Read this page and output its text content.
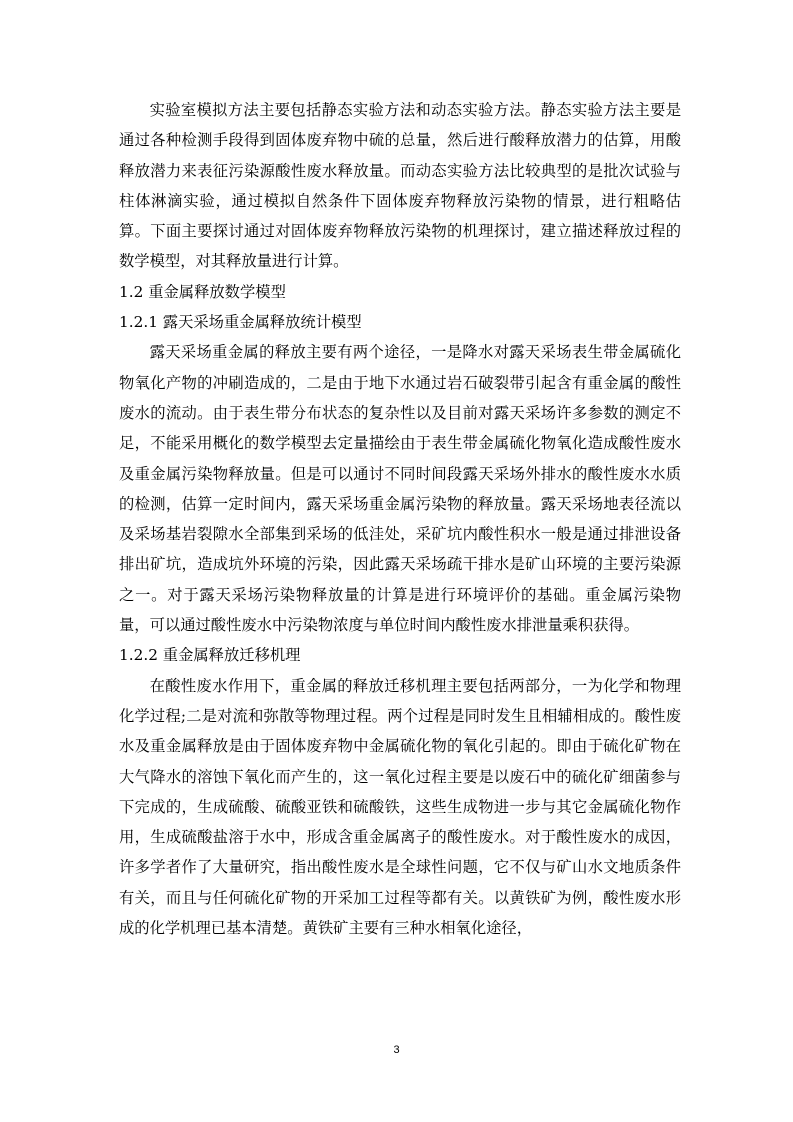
实验室模拟方法主要包括静态实验方法和动态实验方法。静态实验方法主要是通过各种检测手段得到固体废弃物中硫的总量，然后进行酸释放潜力的估算，用酸释放潜力来表征污染源酸性废水释放量。而动态实验方法比较典型的是批次试验与柱体淋滴实验，通过模拟自然条件下固体废弃物释放污染物的情景，进行粗略估算。下面主要探讨通过对固体废弃物释放污染物的机理探讨，建立描述释放过程的数学模型，对其释放量进行计算。

1.2 重金属释放数学模型

1.2.1 露天采场重金属释放统计模型

露天采场重金属的释放主要有两个途径，一是降水对露天采场表生带金属硫化物氧化产物的冲刷造成的，二是由于地下水通过岩石破裂带引起含有重金属的酸性废水的流动。由于表生带分布状态的复杂性以及目前对露天采场许多参数的测定不足，不能采用概化的数学模型去定量描绘由于表生带金属硫化物氧化造成酸性废水及重金属污染物释放量。但是可以通讨不同时间段露天采场外排水的酸性废水水质的检测，估算一定时间内，露天采场重金属污染物的释放量。露天采场地表径流以及采场基岩裂隙水全部集到采场的低洼处，采矿坑内酸性积水一般是通过排泄设备排出矿坑，造成坑外环境的污染，因此露天采场疏干排水是矿山环境的主要污染源之一。对于露天采场污染物释放量的计算是进行环境评价的基础。重金属污染物量，可以通过酸性废水中污染物浓度与单位时间内酸性废水排泄量乘积获得。

1.2.2 重金属释放迁移机理

在酸性废水作用下，重金属的释放迁移机理主要包括两部分，一为化学和物理化学过程;二是对流和弥散等物理过程。两个过程是同时发生且相辅相成的。酸性废水及重金属释放是由于固体废弃物中金属硫化物的氧化引起的。即由于硫化矿物在大气降水的溶蚀下氧化而产生的，这一氧化过程主要是以废石中的硫化矿细菌参与下完成的，生成硫酸、硫酸亚铁和硫酸铁，这些生成物进一步与其它金属硫化物作用，生成硫酸盐溶于水中，形成含重金属离子的酸性废水。对于酸性废水的成因，许多学者作了大量研究，指出酸性废水是全球性问题，它不仅与矿山水文地质条件有关，而且与任何硫化矿物的开采加工过程等都有关。以黄铁矿为例，酸性废水形成的化学机理已基本清楚。黄铁矿主要有三种水相氧化途径，

3
